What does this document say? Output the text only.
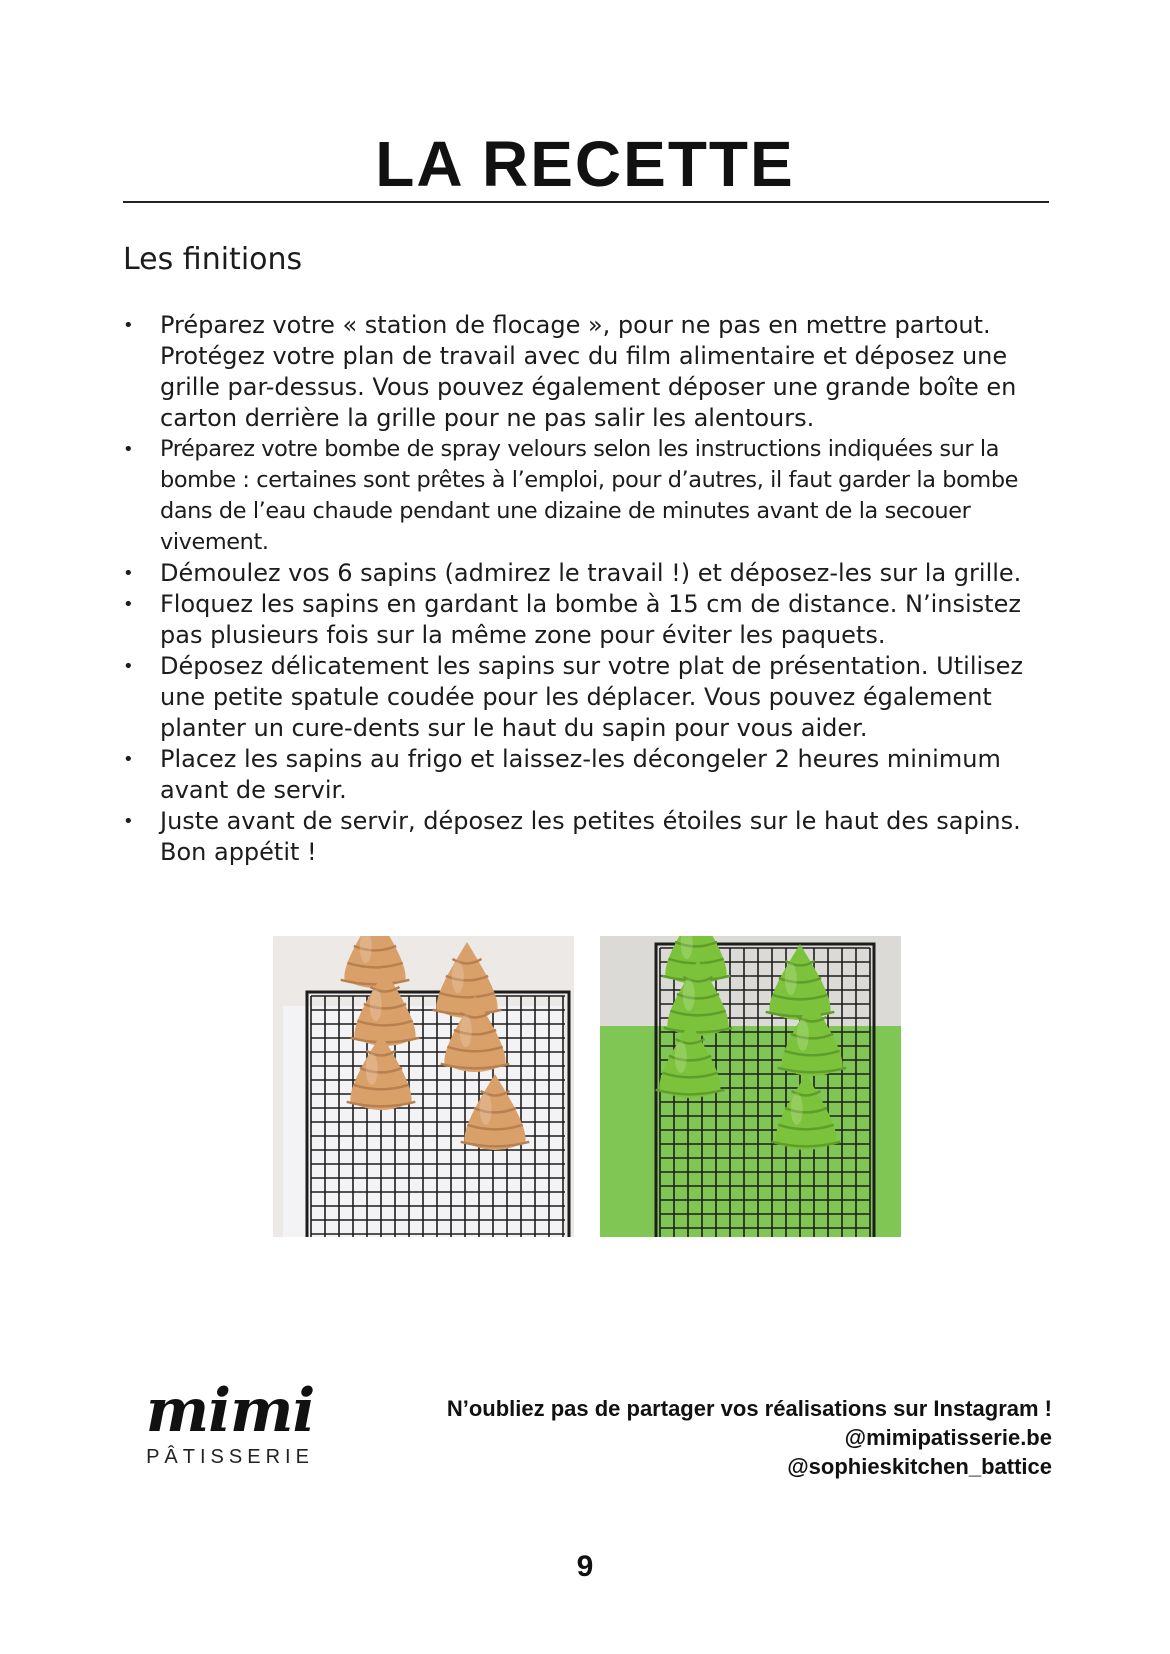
LA RECETTE
Les finitions
• Préparez votre « station de flocage », pour ne pas en mettre partout. Protégez votre plan de travail avec du film alimentaire et déposez une grille par-dessus. Vous pouvez également déposer une grande boîte en carton derrière la grille pour ne pas salir les alentours.
• Préparez votre bombe de spray velours selon les instructions indiquées sur la bombe : certaines sont prêtes à l’emploi, pour d’autres, il faut garder la bombe dans de l’eau chaude pendant une dizaine de minutes avant de la secouer vivement.
• Démoulez vos 6 sapins (admirez le travail !) et déposez-les sur la grille.
• Floquez les sapins en gardant la bombe à 15 cm de distance. N’insistez pas plusieurs fois sur la même zone pour éviter les paquets.
• Déposez délicatement les sapins sur votre plat de présentation. Utilisez une petite spatule coudée pour les déplacer. Vous pouvez également planter un cure-dents sur le haut du sapin pour vous aider.
• Placez les sapins au frigo et laissez-les décongeler 2 heures minimum avant de servir.
• Juste avant de servir, déposez les petites étoiles sur le haut des sapins. Bon appétit !
mimi
PÂTISSERIE
N’oubliez pas de partager vos réalisations sur Instagram !
@mimipatisserie.be
@sophieskitchen_battice
9
